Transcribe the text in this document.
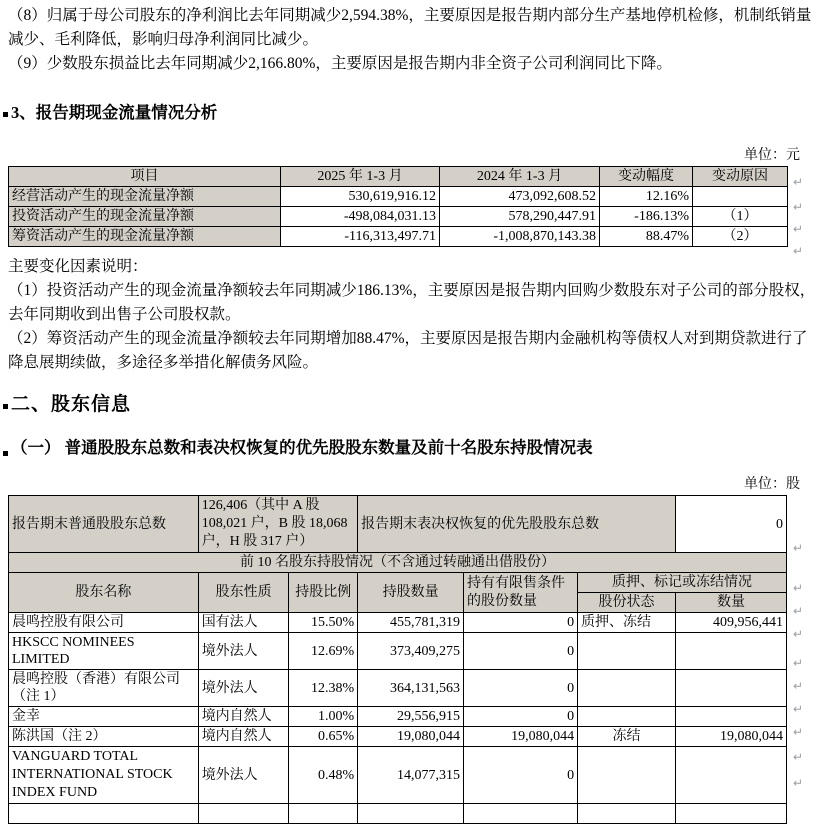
（8）归属于母公司股东的净利润比去年同期减少2,594.38%，主要原因是报告期内部分生产基地停机检修，机制纸销量减少、毛利降低，影响归母净利润同比减少。

（9）少数股东损益比去年同期减少2,166.80%，主要原因是报告期内非全资子公司利润同比下降。

3、报告期现金流量情况分析
单位：元
项目	2025 年 1-3 月	2024 年 1-3 月	变动幅度	变动原因
经营活动产生的现金流量净额	530,619,916.12	473,092,608.52	12.16%	
投资活动产生的现金流量净额	-498,084,031.13	578,290,447.91	-186.13%	（1）
筹资活动产生的现金流量净额	-116,313,497.71	-1,008,870,143.38	88.47%	（2）
↵
↵
↵
↵

主要变化因素说明：

（1）投资活动产生的现金流量净额较去年同期减少186.13%，主要原因是报告期内回购少数股东对子公司的部分股权，去年同期收到出售子公司股权款。

（2）筹资活动产生的现金流量净额较去年同期增加88.47%，主要原因是报告期内金融机构等债权人对到期贷款进行了降息展期续做，多途径多举措化解债务风险。

二、股东信息
（一） 普通股股东总数和表决权恢复的优先股股东数量及前十名股东持股情况表
单位：股
报告期末普通股股东总数	126,406（其中 A 股 108,021 户，B 股 18,068 户，H 股 317 户）		报告期末表决权恢复的优先股股东总数			0
前 10 名股东持股情况（不含通过转融通出借股份）						
股东名称	股东性质	持股比例	持股数量	持有有限售条件的股份数量	质押、标记或冻结情况	
					股份状态	数量
晨鸣控股有限公司	国有法人	15.50%	455,781,319	0	质押、冻结	409,956,441
HKSCC NOMINEES LIMITED	境外法人	12.69%	373,409,275	0		
晨鸣控股（香港）有限公司（注 1）	境外法人	12.38%	364,131,563	0		
金幸	境内自然人	1.00%	29,556,915	0		
陈洪国（注 2）	境内自然人	0.65%	19,080,044	19,080,044	冻结	19,080,044
VANGUARD TOTAL INTERNATIONAL STOCK INDEX FUND	境外法人	0.48%	14,077,315	0		

↵
↵
↵
↵
↵
↵
↵
↵
↵
↵
